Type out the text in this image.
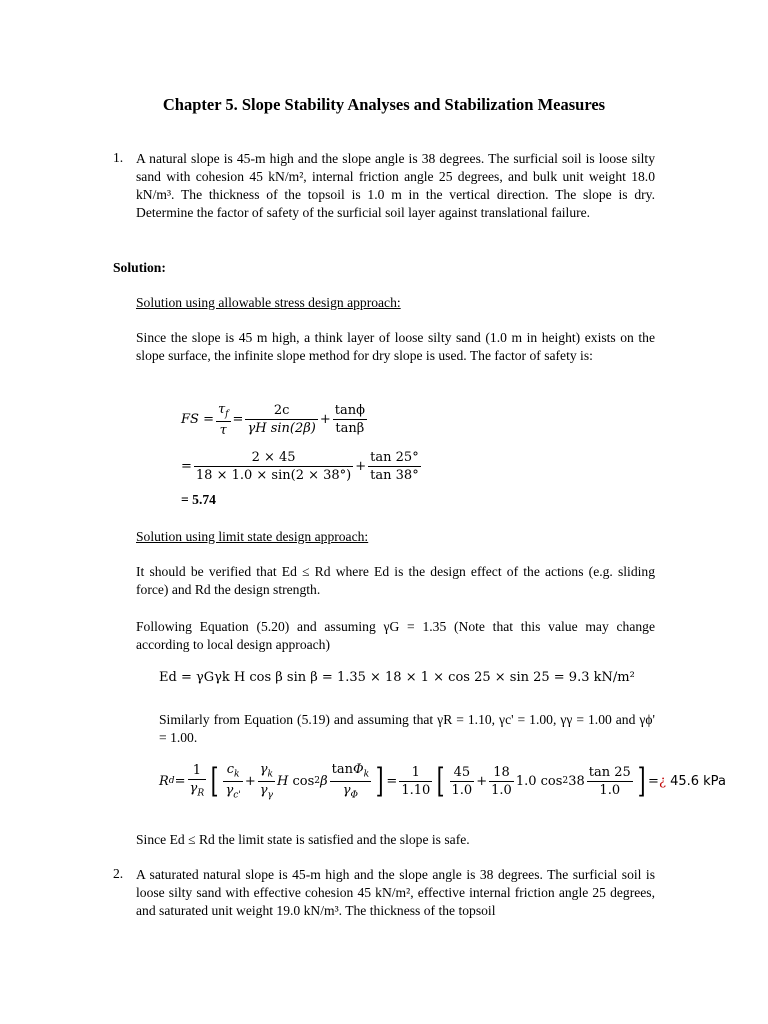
Chapter 5. Slope Stability Analyses and Stabilization Measures
1. A natural slope is 45-m high and the slope angle is 38 degrees. The surficial soil is loose silty sand with cohesion 45 kN/m², internal friction angle 25 degrees, and bulk unit weight 18.0 kN/m³. The thickness of the topsoil is 1.0 m in the vertical direction. The slope is dry. Determine the factor of safety of the surficial soil layer against translational failure.
Solution:
Solution using allowable stress design approach:
Since the slope is 45 m high, a think layer of loose silty sand (1.0 m in height) exists on the slope surface, the infinite slope method for dry slope is used. The factor of safety is:
FS = $\frac{\tau_f}{\tau} = \frac{2c}{\text{γH sin(2β)}} + \frac{\tan\phi}{\tan\beta}$
= $\frac{2 \times 45}{18 \times 1.0 \times \sin(2 \times 38^\circ)} + \frac{\tan 25^\circ}{\tan 38^\circ}$
= 5.74
Solution using limit state design approach:
It should be verified that Ed ≤ Rd where Ed is the design effect of the actions (e.g. sliding force) and Rd the design strength.
Following Equation (5.20) and assuming γG = 1.35 (Note that this value may change according to local design approach)
Ed = γGγk H cos β sin β = 1.35 × 18 × 1 × cos 25 × sin 25 = 9.3 kN/m²
Similarly from Equation (5.19) and assuming that γR = 1.10, γc' = 1.00, γγ = 1.00 and γϕ' = 1.00.
R $d = \frac{1}{\gamma_R}$ [ $\frac{c_k}{\gamma_{c'}} + \frac{\gamma_k}{\gamma_\gamma}$ H cos 2 β $\frac{\tan\Phi_k}{\gamma_\Phi}$ ] = $\frac{1}{1.10}$ [ $\frac{45}{1.0} + \frac{18}{1.0} 1.0$ cos 2 $38 \frac{\tan 25}{1.0}$ ] = ¿
45.6 kPa
Since Ed ≤ Rd the limit state is satisfied and the slope is safe.
2. A saturated natural slope is 45-m high and the slope angle is 38 degrees. The surficial soil is loose silty sand with effective cohesion 45 kN/m², effective internal friction angle 25 degrees, and saturated unit weight 19.0 kN/m³. The thickness of the topsoil
